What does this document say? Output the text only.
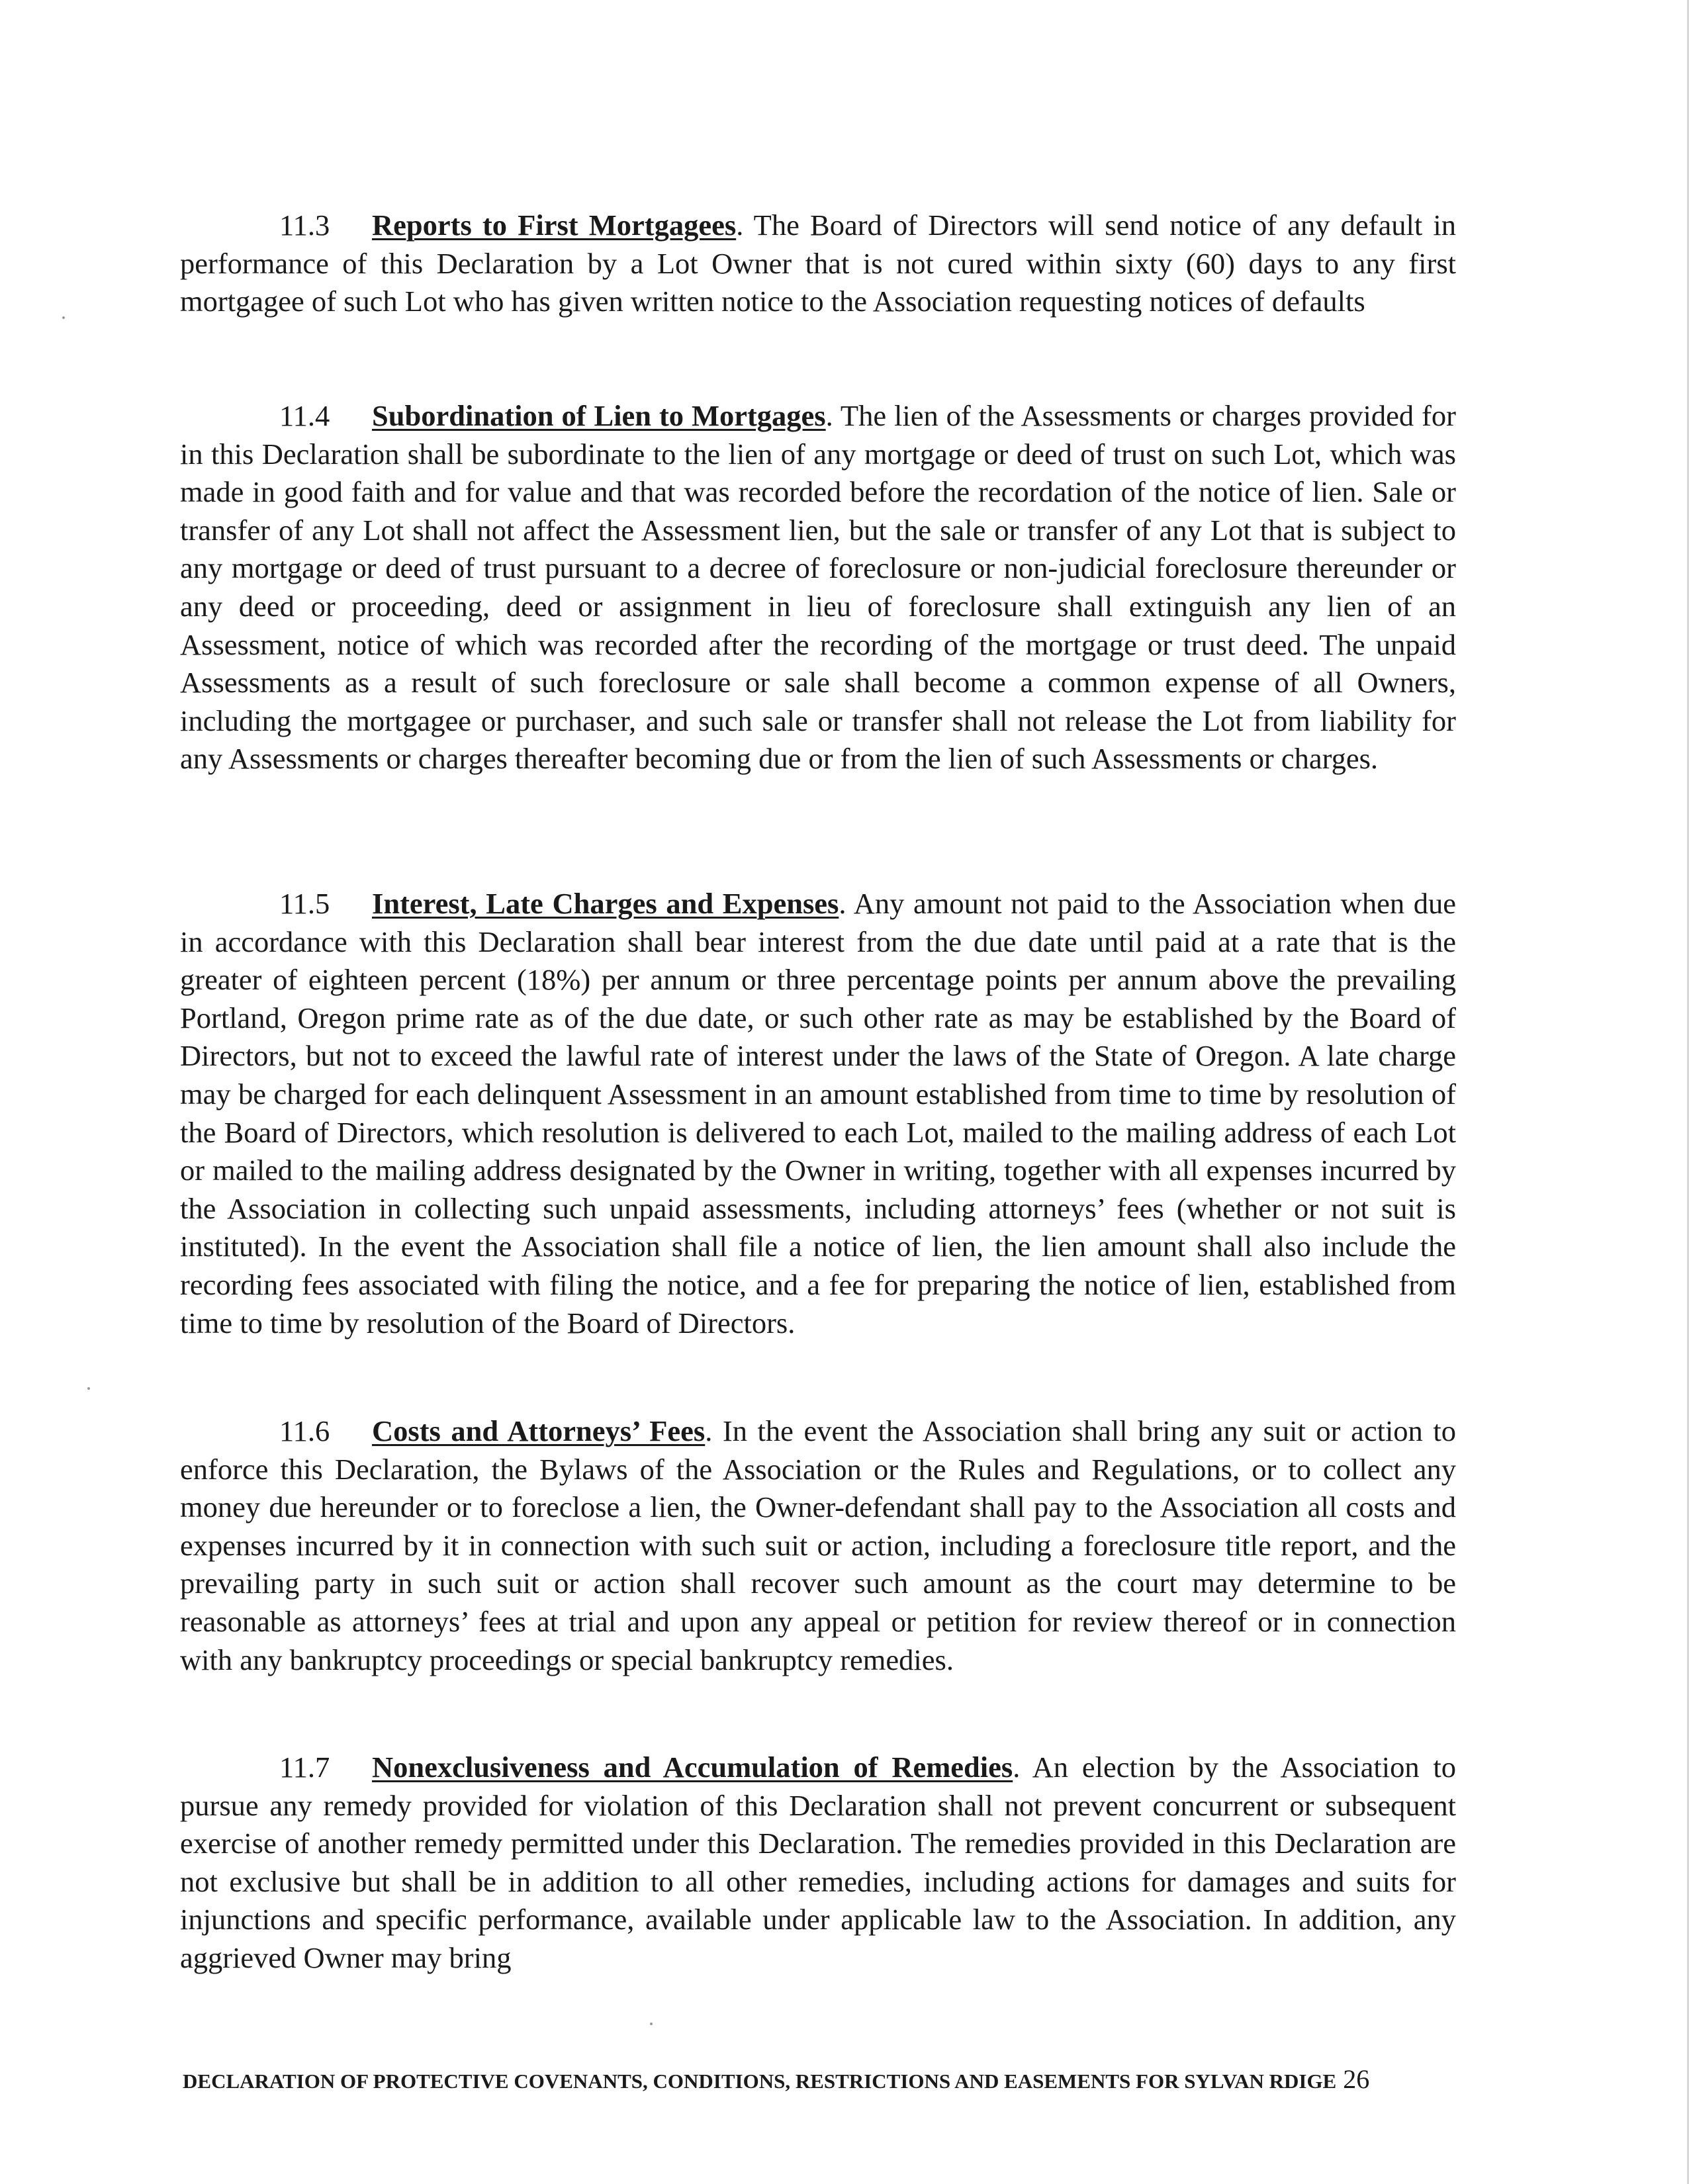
11.3 Reports to First Mortgagees. The Board of Directors will send notice of any default in performance of this Declaration by a Lot Owner that is not cured within sixty (60) days to any first mortgagee of such Lot who has given written notice to the Association requesting notices of defaults

11.4 Subordination of Lien to Mortgages. The lien of the Assessments or charges provided for in this Declaration shall be subordinate to the lien of any mortgage or deed of trust on such Lot, which was made in good faith and for value and that was recorded before the recordation of the notice of lien. Sale or transfer of any Lot shall not affect the Assessment lien, but the sale or transfer of any Lot that is subject to any mortgage or deed of trust pursuant to a decree of foreclosure or non-judicial foreclosure thereunder or any deed or proceeding, deed or assignment in lieu of foreclosure shall extinguish any lien of an Assessment, notice of which was recorded after the recording of the mortgage or trust deed. The unpaid Assessments as a result of such foreclosure or sale shall become a common expense of all Owners, including the mortgagee or purchaser, and such sale or transfer shall not release the Lot from liability for any Assessments or charges thereafter becoming due or from the lien of such Assessments or charges.

11.5 Interest, Late Charges and Expenses. Any amount not paid to the Association when due in accordance with this Declaration shall bear interest from the due date until paid at a rate that is the greater of eighteen percent (18%) per annum or three percentage points per annum above the prevailing Portland, Oregon prime rate as of the due date, or such other rate as may be established by the Board of Directors, but not to exceed the lawful rate of interest under the laws of the State of Oregon. A late charge may be charged for each delinquent Assessment in an amount established from time to time by resolution of the Board of Directors, which resolution is delivered to each Lot, mailed to the mailing address of each Lot or mailed to the mailing address designated by the Owner in writing, together with all expenses incurred by the Association in collecting such unpaid assessments, including attorneys’ fees (whether or not suit is instituted). In the event the Association shall file a notice of lien, the lien amount shall also include the recording fees associated with filing the notice, and a fee for preparing the notice of lien, established from time to time by resolution of the Board of Directors.

11.6 Costs and Attorneys’ Fees. In the event the Association shall bring any suit or action to enforce this Declaration, the Bylaws of the Association or the Rules and Regulations, or to collect any money due hereunder or to foreclose a lien, the Owner-defendant shall pay to the Association all costs and expenses incurred by it in connection with such suit or action, including a foreclosure title report, and the prevailing party in such suit or action shall recover such amount as the court may determine to be reasonable as attorneys’ fees at trial and upon any appeal or petition for review thereof or in connection with any bankruptcy proceedings or special bankruptcy remedies.

11.7 Nonexclusiveness and Accumulation of Remedies. An election by the Association to pursue any remedy provided for violation of this Declaration shall not prevent concurrent or subsequent exercise of another remedy permitted under this Declaration. The remedies provided in this Declaration are not exclusive but shall be in addition to all other remedies, including actions for damages and suits for injunctions and specific performance, available under applicable law to the Association. In addition, any aggrieved Owner may bring

DECLARATION OF PROTECTIVE COVENANTS, CONDITIONS, RESTRICTIONS AND EASEMENTS FOR SYLVAN RDIGE 26
